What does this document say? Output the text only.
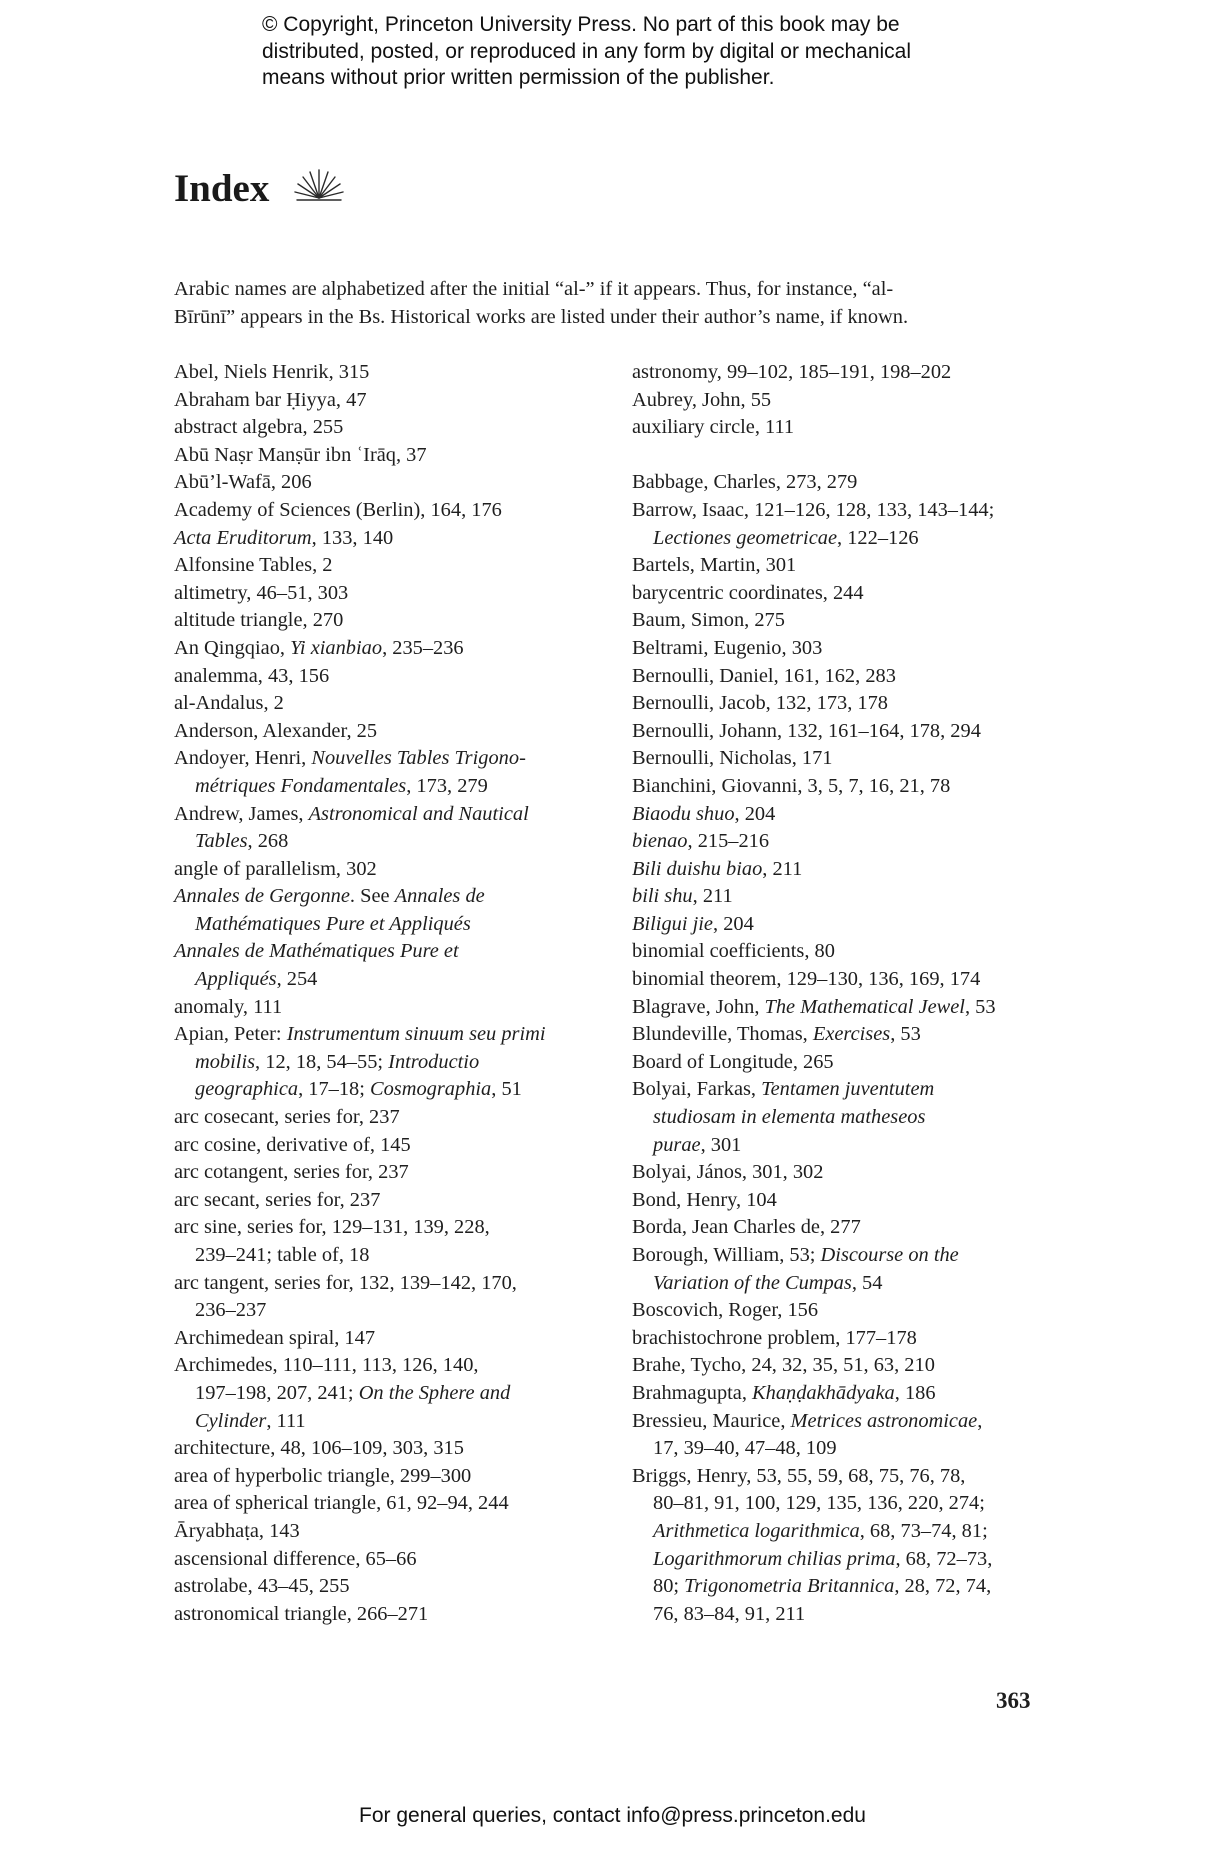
© Copyright, Princeton University Press. No part of this book may be
distributed, posted, or reproduced in any form by digital or mechanical
means without prior written permission of the publisher.
Index
Arabic names are alphabetized after the initial “al-” if it appears. Thus, for instance, “al-
Bīrūnī” appears in the Bs. Historical works are listed under their author’s name, if known.
Abel, Niels Henrik, 315
Abraham bar Ḥiyya, 47
abstract algebra, 255
Abū Naṣr Manṣūr ibn ʿIrāq, 37
Abū’l-Wafā, 206
Academy of Sciences (Berlin), 164, 176
Acta Eruditorum, 133, 140
Alfonsine Tables, 2
altimetry, 46–51, 303
altitude triangle, 270
An Qingqiao, Yi xianbiao, 235–236
analemma, 43, 156
al-Andalus, 2
Anderson, Alexander, 25
Andoyer, Henri, Nouvelles Tables Trigono-
métriques Fondamentales, 173, 279
Andrew, James, Astronomical and Nautical
Tables, 268
angle of parallelism, 302
Annales de Gergonne. See Annales de
Mathématiques Pure et Appliqués
Annales de Mathématiques Pure et
Appliqués, 254
anomaly, 111
Apian, Peter: Instrumentum sinuum seu primi
mobilis, 12, 18, 54–55; Introductio
geographica, 17–18; Cosmographia, 51
arc cosecant, series for, 237
arc cosine, derivative of, 145
arc cotangent, series for, 237
arc secant, series for, 237
arc sine, series for, 129–131, 139, 228,
239–241; table of, 18
arc tangent, series for, 132, 139–142, 170,
236–237
Archimedean spiral, 147
Archimedes, 110–111, 113, 126, 140,
197–198, 207, 241; On the Sphere and
Cylinder, 111
architecture, 48, 106–109, 303, 315
area of hyperbolic triangle, 299–300
area of spherical triangle, 61, 92–94, 244
Āryabhaṭa, 143
ascensional difference, 65–66
astrolabe, 43–45, 255
astronomical triangle, 266–271
astronomy, 99–102, 185–191, 198–202
Aubrey, John, 55
auxiliary circle, 111
Babbage, Charles, 273, 279
Barrow, Isaac, 121–126, 128, 133, 143–144;
Lectiones geometricae, 122–126
Bartels, Martin, 301
barycentric coordinates, 244
Baum, Simon, 275
Beltrami, Eugenio, 303
Bernoulli, Daniel, 161, 162, 283
Bernoulli, Jacob, 132, 173, 178
Bernoulli, Johann, 132, 161–164, 178, 294
Bernoulli, Nicholas, 171
Bianchini, Giovanni, 3, 5, 7, 16, 21, 78
Biaodu shuo, 204
bienao, 215–216
Bili duishu biao, 211
bili shu, 211
Biligui jie, 204
binomial coefficients, 80
binomial theorem, 129–130, 136, 169, 174
Blagrave, John, The Mathematical Jewel, 53
Blundeville, Thomas, Exercises, 53
Board of Longitude, 265
Bolyai, Farkas, Tentamen juventutem
studiosam in elementa matheseos
purae, 301
Bolyai, János, 301, 302
Bond, Henry, 104
Borda, Jean Charles de, 277
Borough, William, 53; Discourse on the
Variation of the Cumpas, 54
Boscovich, Roger, 156
brachistochrone problem, 177–178
Brahe, Tycho, 24, 32, 35, 51, 63, 210
Brahmagupta, Khaṇḍakhādyaka, 186
Bressieu, Maurice, Metrices astronomicae,
17, 39–40, 47–48, 109
Briggs, Henry, 53, 55, 59, 68, 75, 76, 78,
80–81, 91, 100, 129, 135, 136, 220, 274;
Arithmetica logarithmica, 68, 73–74, 81;
Logarithmorum chilias prima, 68, 72–73,
80; Trigonometria Britannica, 28, 72, 74,
76, 83–84, 91, 211
363
For general queries, contact info@press.princeton.edu
